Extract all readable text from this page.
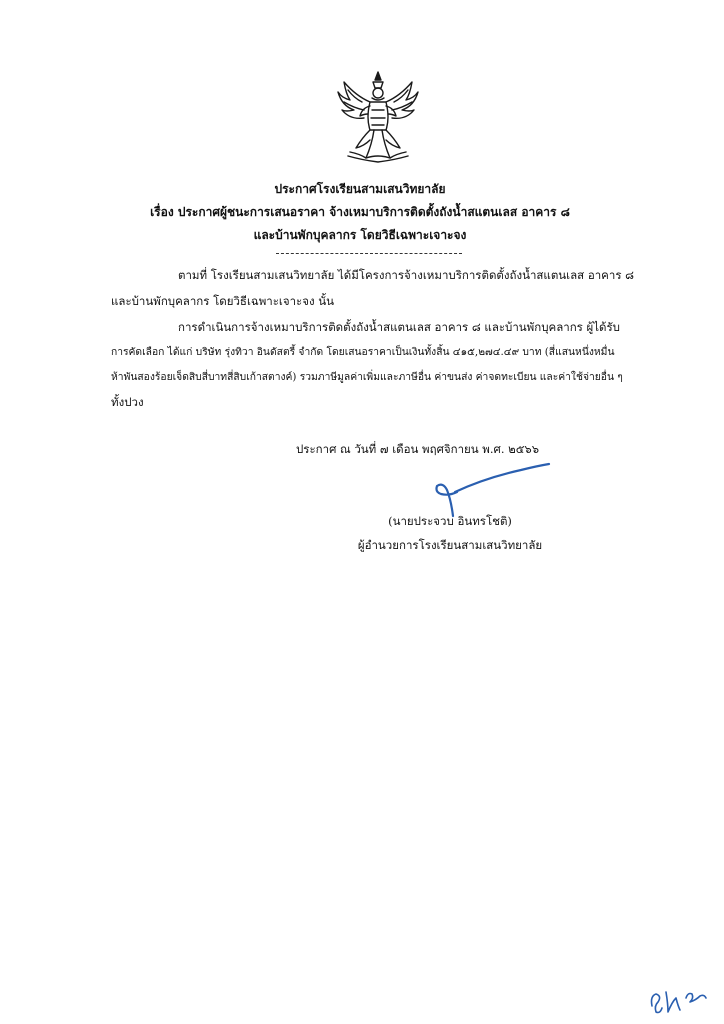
ประกาศโรงเรียนสามเสนวิทยาลัย
เรื่อง ประกาศผู้ชนะการเสนอราคา จ้างเหมาบริการติดตั้งถังน้ำสแตนเลส อาคาร ๘
และบ้านพักบุคลากร โดยวิธีเฉพาะเจาะจง
ตามที่ โรงเรียนสามเสนวิทยาลัย ได้มีโครงการจ้างเหมาบริการติดตั้งถังน้ำสแตนเลส อาคาร ๘
และบ้านพักบุคลากร โดยวิธีเฉพาะเจาะจง นั้น
การดำเนินการจ้างเหมาบริการติดตั้งถังน้ำสแตนเลส อาคาร ๘ และบ้านพักบุคลากร ผู้ได้รับ
การคัดเลือก ได้แก่ บริษัท รุ่งทิวา อินดัสตรี้ จำกัด โดยเสนอราคาเป็นเงินทั้งสิ้น ๔๑๕,๒๗๔.๔๙ บาท (สี่แสนหนึ่งหมื่น
ห้าพันสองร้อยเจ็ดสิบสี่บาทสี่สิบเก้าสตางค์) รวมภาษีมูลค่าเพิ่มและภาษีอื่น ค่าขนส่ง ค่าจดทะเบียน และค่าใช้จ่ายอื่น ๆ
ทั้งปวง
ประกาศ ณ วันที่ ๗ เดือน พฤศจิกายน พ.ศ. ๒๕๖๖
(นายประจวบ อินทรโชติ)
ผู้อำนวยการโรงเรียนสามเสนวิทยาลัย
